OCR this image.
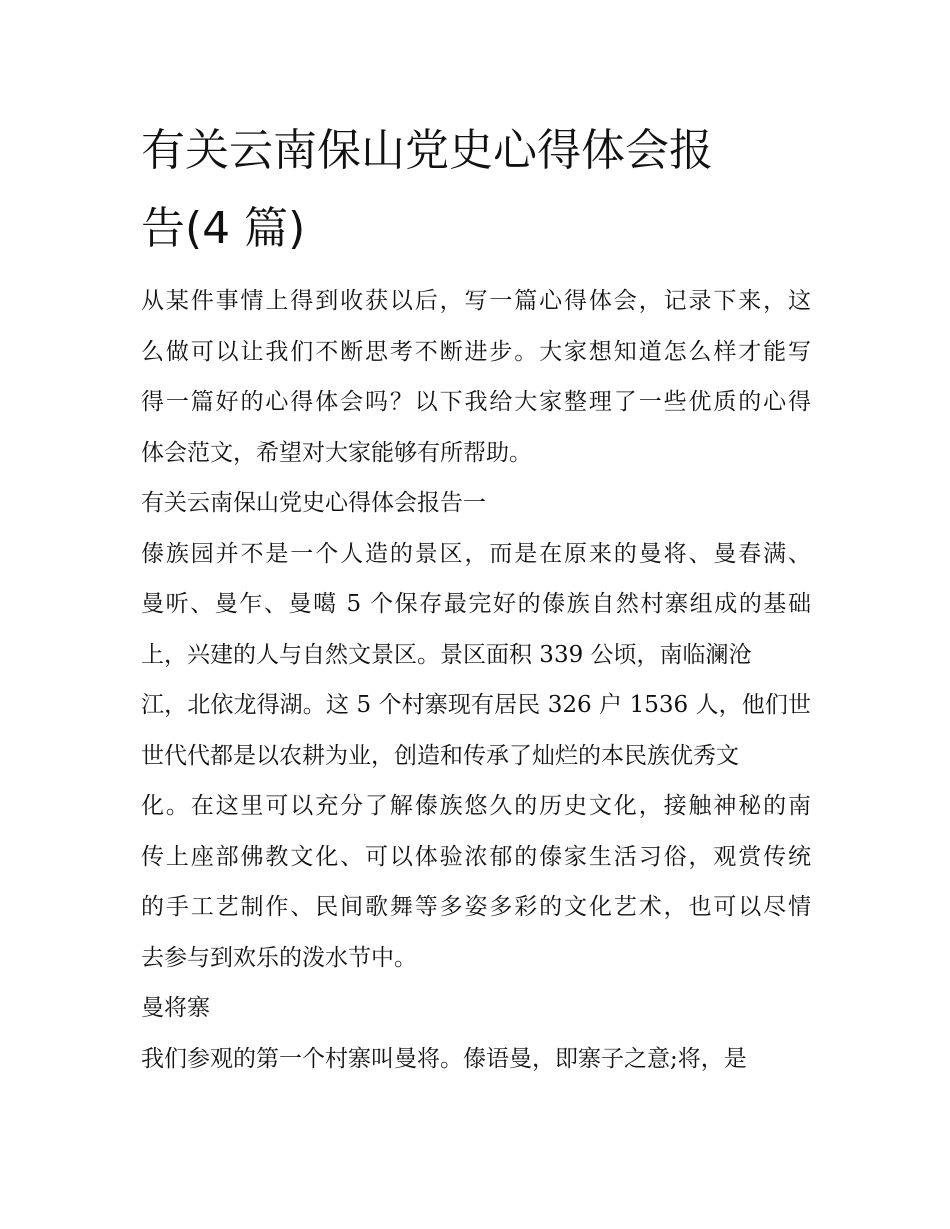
有关云南保山党史心得体会报
告(4 篇)
从某件事情上得到收获以后，写一篇心得体会，记录下来，这
么做可以让我们不断思考不断进步。大家想知道怎么样才能写
得一篇好的心得体会吗？以下我给大家整理了一些优质的心得
体会范文，希望对大家能够有所帮助。
有关云南保山党史心得体会报告一
傣族园并不是一个人造的景区，而是在原来的曼将、曼春满、
曼听、曼乍、曼噶 5 个保存最完好的傣族自然村寨组成的基础
上，兴建的人与自然文景区。景区面积 339 公顷，南临澜沧
江，北依龙得湖。这 5 个村寨现有居民 326 户 1536 人，他们世
世代代都是以农耕为业，创造和传承了灿烂的本民族优秀文
化。在这里可以充分了解傣族悠久的历史文化，接触神秘的南
传上座部佛教文化、可以体验浓郁的傣家生活习俗，观赏传统
的手工艺制作、民间歌舞等多姿多彩的文化艺术，也可以尽情
去参与到欢乐的泼水节中。
曼将寨
我们参观的第一个村寨叫曼将。傣语曼，即寨子之意;将，是
